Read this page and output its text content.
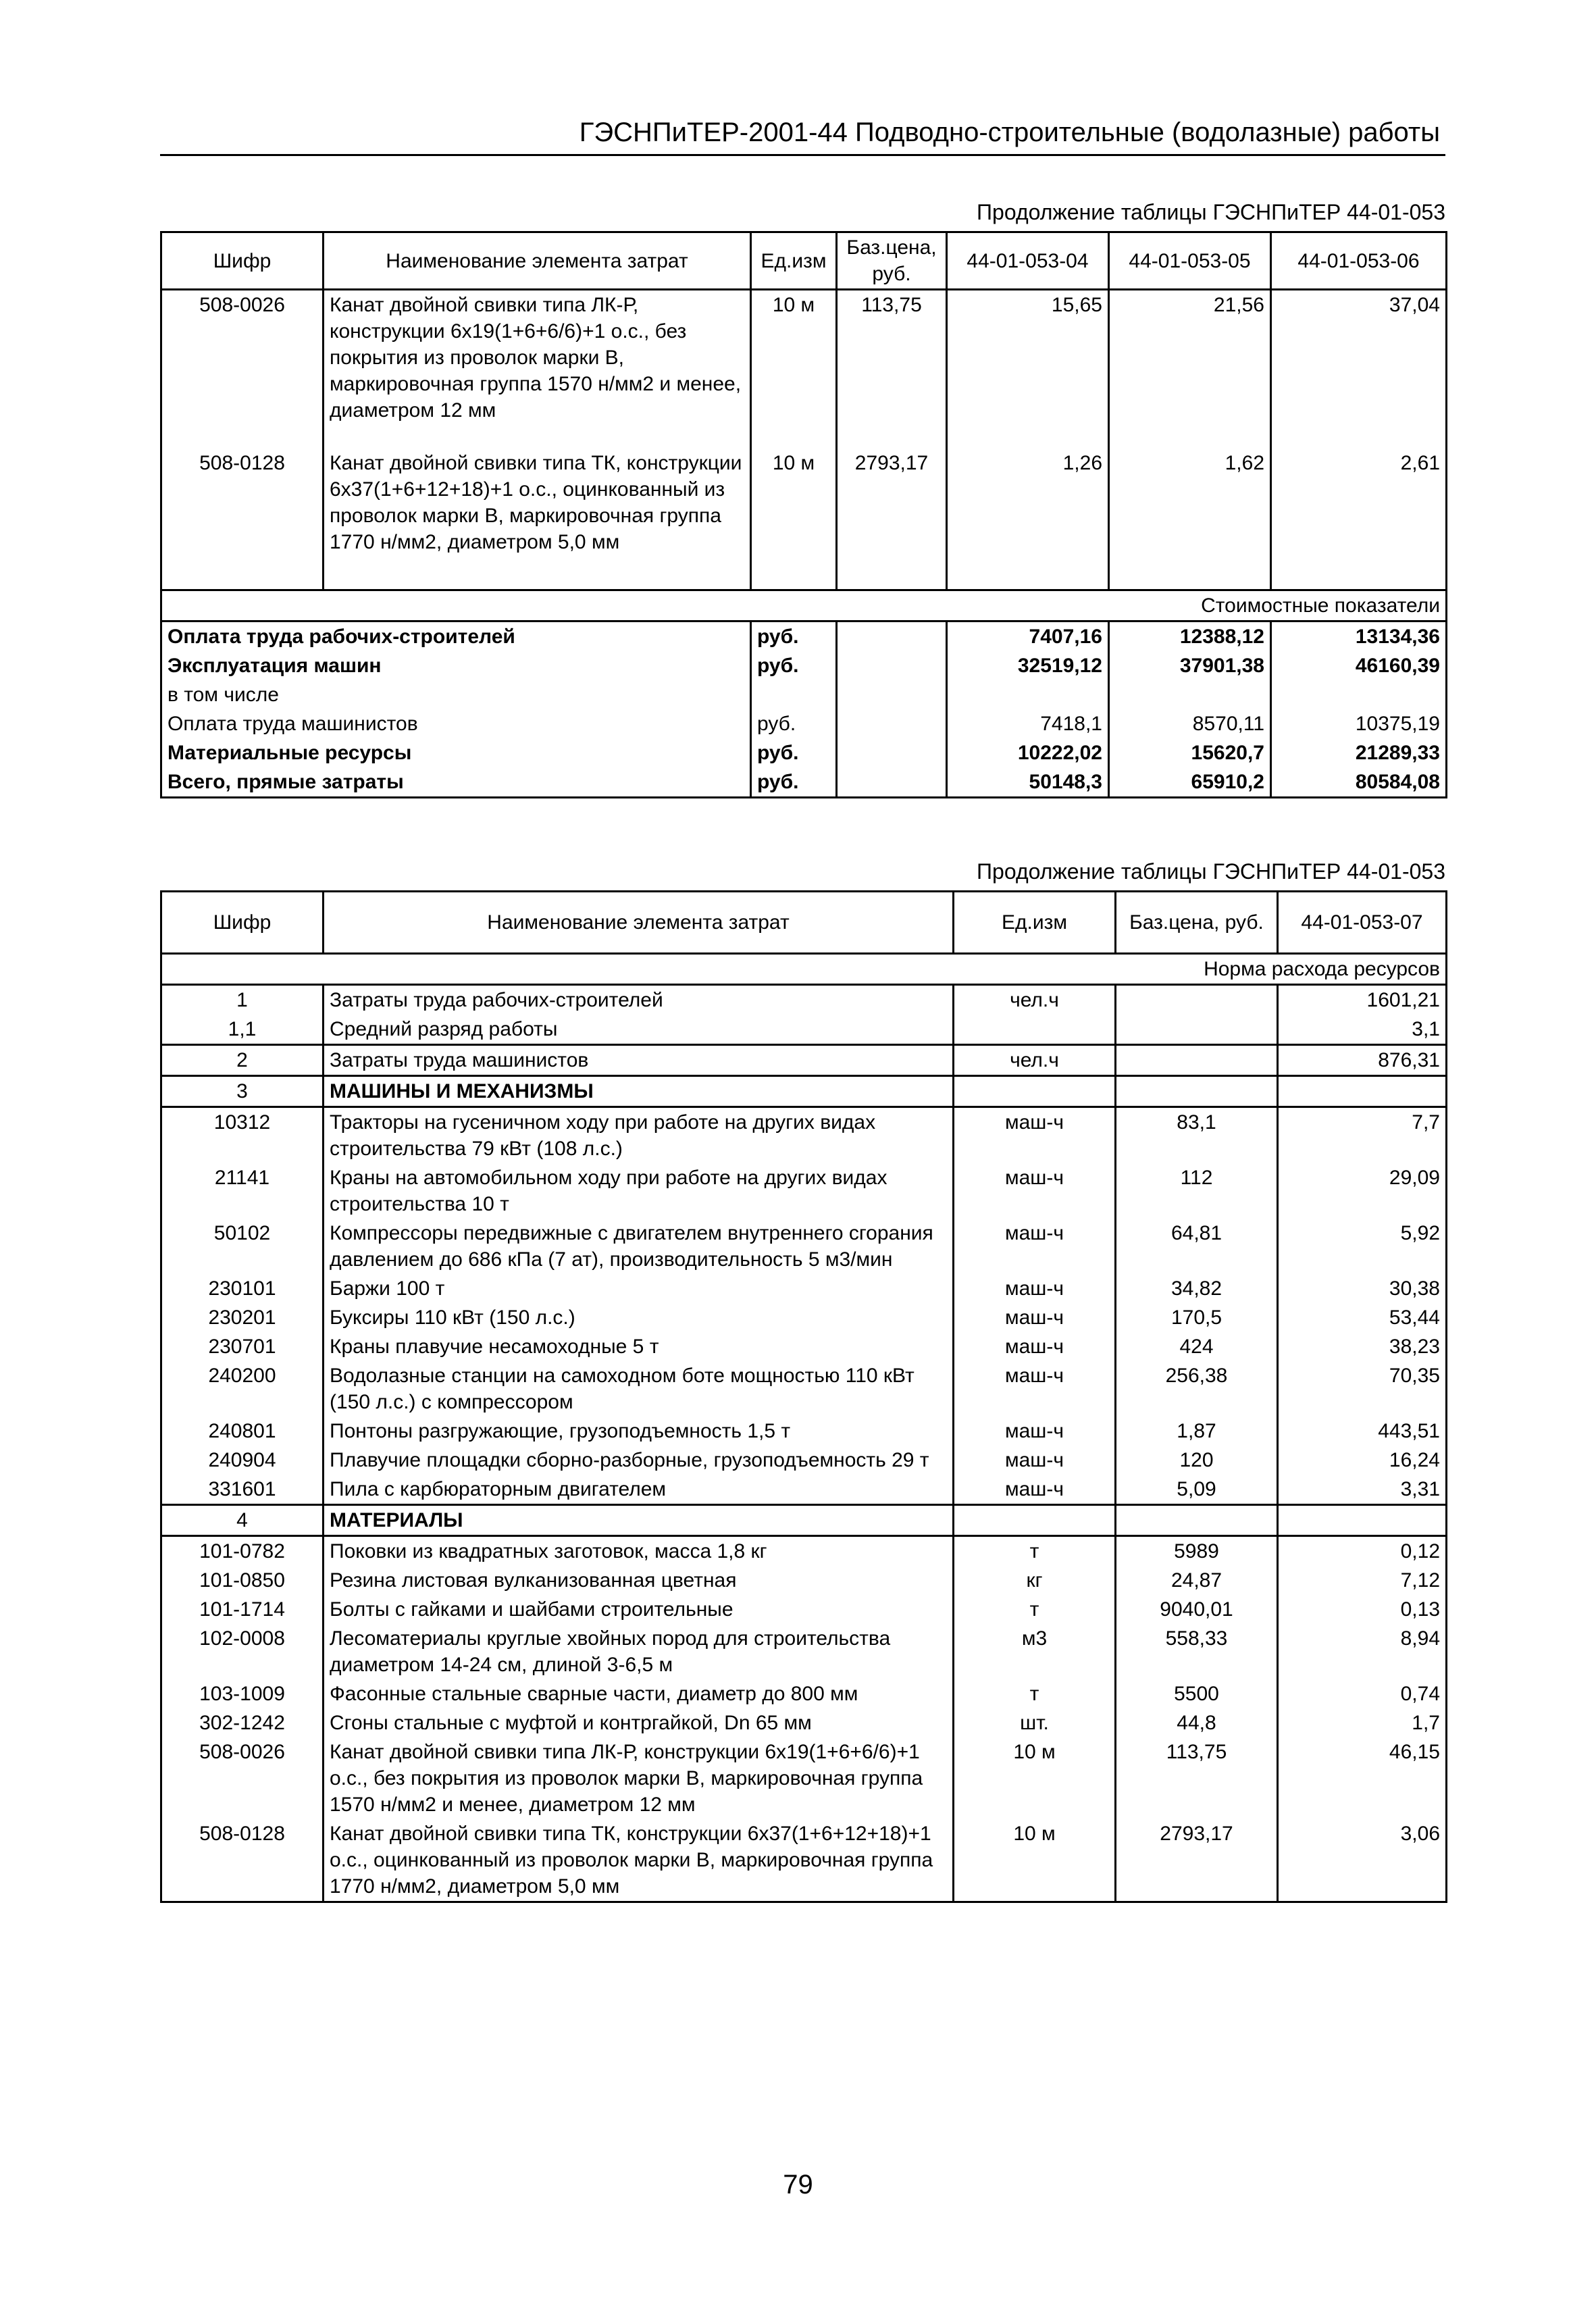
ГЭСНПиТЕР-2001-44 Подводно-строительные (водолазные) работы
Продолжение таблицы ГЭСНПиТЕР 44-01-053
Шифр	Наименование элемента затрат	Ед.изм	Баз.цена, руб.	44-01-053-04	44-01-053-05	44-01-053-06
508-0026	Канат двойной свивки типа ЛК-Р, конструкции 6х19(1+6+6/6)+1 о.с., без покрытия из проволок марки В, маркировочная группа 1570 н/мм2 и менее, диаметром 12 мм	10 м	113,75	15,65	21,56	37,04
508-0128	Канат двойной свивки типа ТК, конструкции 6х37(1+6+12+18)+1 о.с., оцинкованный из проволок марки В, маркировочная группа 1770 н/мм2, диаметром 5,0 мм	10 м	2793,17	1,26	1,62	2,61
Стоимостные показатели						
Оплата труда рабочих-строителей		руб.		7407,16	12388,12	13134,36
Эксплуатация машин		руб.		32519,12	37901,38	46160,39
в том числе						
Оплата труда машинистов		руб.		7418,1	8570,11	10375,19
Материальные ресурсы		руб.		10222,02	15620,7	21289,33
Всего, прямые затраты		руб.		50148,3	65910,2	80584,08
Продолжение таблицы ГЭСНПиТЕР 44-01-053
Шифр	Наименование элемента затрат	Ед.изм	Баз.цена, руб.	44-01-053-07
Норма расхода ресурсов				
1	Затраты труда рабочих-строителей	чел.ч		1601,21
1,1	Средний разряд работы			3,1
2	Затраты труда машинистов	чел.ч		876,31
3	МАШИНЫ И МЕХАНИЗМЫ			
10312	Тракторы на гусеничном ходу при работе на других видах строительства 79 кВт (108 л.с.)	маш-ч	83,1	7,7
21141	Краны на автомобильном ходу при работе на других видах строительства 10 т	маш-ч	112	29,09
50102	Компрессоры передвижные с двигателем внутреннего сгорания давлением до 686 кПа (7 ат), производительность 5 м3/мин	маш-ч	64,81	5,92
230101	Баржи 100 т	маш-ч	34,82	30,38
230201	Буксиры 110 кВт (150 л.с.)	маш-ч	170,5	53,44
230701	Краны плавучие несамоходные 5 т	маш-ч	424	38,23
240200	Водолазные станции на самоходном боте мощностью 110 кВт (150 л.с.) с компрессором	маш-ч	256,38	70,35
240801	Понтоны разгружающие, грузоподъемность 1,5 т	маш-ч	1,87	443,51
240904	Плавучие площадки сборно-разборные, грузоподъемность 29 т	маш-ч	120	16,24
331601	Пила с карбюраторным двигателем	маш-ч	5,09	3,31
4	МАТЕРИАЛЫ			
101-0782	Поковки из квадратных заготовок, масса 1,8 кг	т	5989	0,12
101-0850	Резина листовая вулканизованная цветная	кг	24,87	7,12
101-1714	Болты с гайками и шайбами строительные	т	9040,01	0,13
102-0008	Лесоматериалы круглые хвойных пород для строительства диаметром 14-24 см, длиной 3-6,5 м	м3	558,33	8,94
103-1009	Фасонные стальные сварные части, диаметр до 800 мм	т	5500	0,74
302-1242	Сгоны стальные с муфтой и контргайкой, Dn 65 мм	шт.	44,8	1,7
508-0026	Канат двойной свивки типа ЛК-Р, конструкции 6х19(1+6+6/6)+1 о.с., без покрытия из проволок марки В, маркировочная группа 1570 н/мм2 и менее, диаметром 12 мм	10 м	113,75	46,15
508-0128	Канат двойной свивки типа ТК, конструкции 6х37(1+6+12+18)+1 о.с., оцинкованный из проволок марки В, маркировочная группа 1770 н/мм2, диаметром 5,0 мм	10 м	2793,17	3,06
79
